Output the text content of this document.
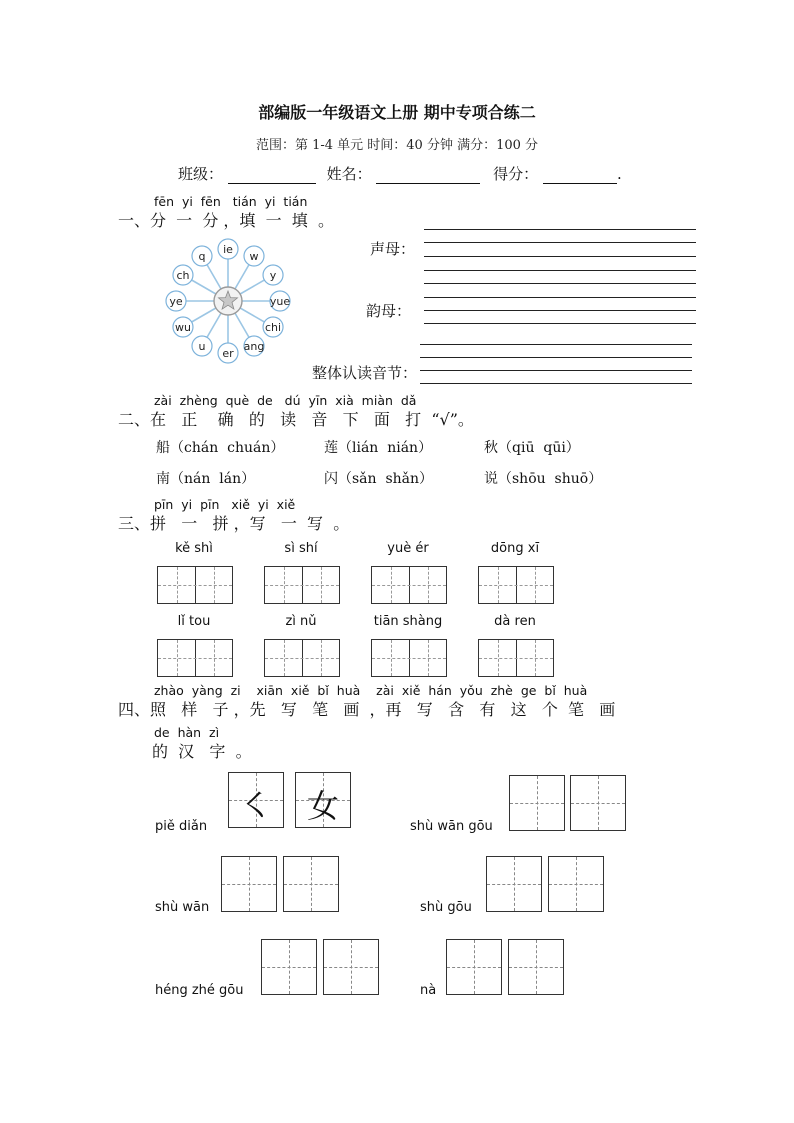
部编版一年级语文上册 期中专项合练二
范围：第 1-4 单元 时间：40 分钟 满分：100 分
班级：	姓名：	得分：	.
fēn  yi  fēn   tián  yi  tián
一、分  一  分 ，填  一  填  。
ie
w
y
yue
chi
ang
er
u
wu
ye
ch
q	声母：
韵母：
整体认读音节：
zài  zhèng  què  de   dú  yīn  xià  miàn  dǎ
二、在   正    确   的   读   音   下   面   打  “√”。
船（chán  chuán）	莲（lián  nián）	秋（qiū  qūi）
南（nán  lán）	闪（sǎn  shǎn）	说（shōu  shuō）
pīn  yi  pīn   xiě  yi  xiě
三、拼   一   拼 ，写   一  写  。
kě shì	sì shí	yuè ér	dōng xī
lǐ tou	zì nǔ	tiān shàng	dà ren
zhào  yàng  zi    xiān  xiě  bǐ  huà    zài  xiě  hán  yǒu  zhè  ge  bǐ  huà
四、照   样   子 ，先   写   笔   画  ，再   写   含   有   这   个  笔   画
de  hàn  zì
的  汉   字  。
piě diǎn
㇛	女
shù wān gōu
shù wān	shù gōu
héng zhé gōu	nà
